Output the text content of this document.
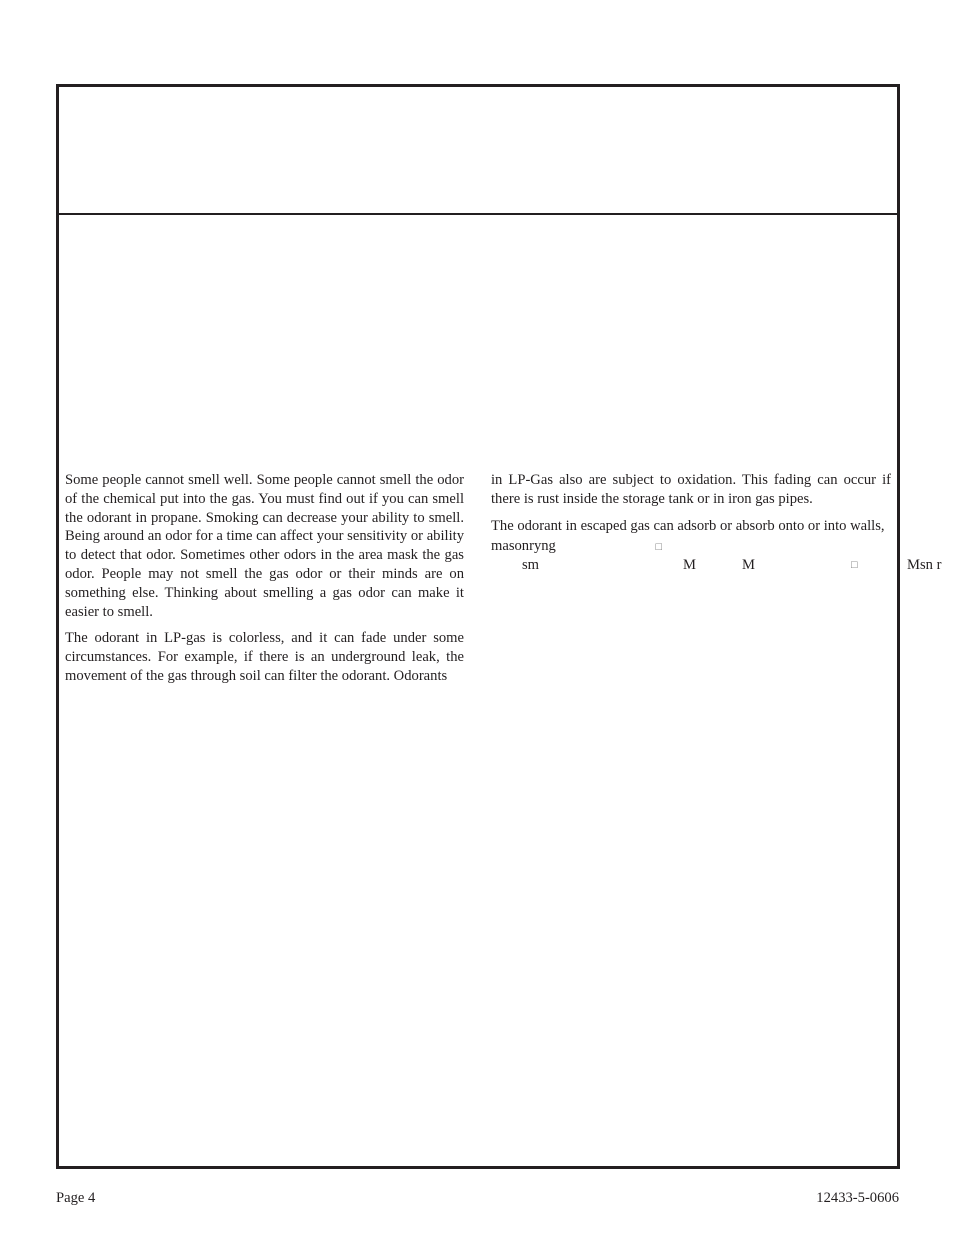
Some people cannot smell well. Some people cannot smell the odor of the chemical put into the gas. You must find out if you can smell the odorant in propane. Smoking can decrease your ability to smell. Being around an odor for a time can affect your sensitivity or ability to detect that odor. Sometimes other odors in the area mask the gas odor. People may not smell the gas odor or their minds are on something else. Thinking about smelling a gas odor can make it easier to smell.

The odorant in LP-gas is colorless, and it can fade under some circumstances. For example, if there is an underground leak, the movement of the gas through soil can filter the odorant. Odorants

in LP-Gas also are subject to oxidation. This fading can occur if there is rust inside the storage tank or in iron gas pipes.

The odorant in escaped gas can adsorb or absorb onto or into walls,

masonryng	□
sm	M	M	□	Msn r
Page 4	12433-5-0606
